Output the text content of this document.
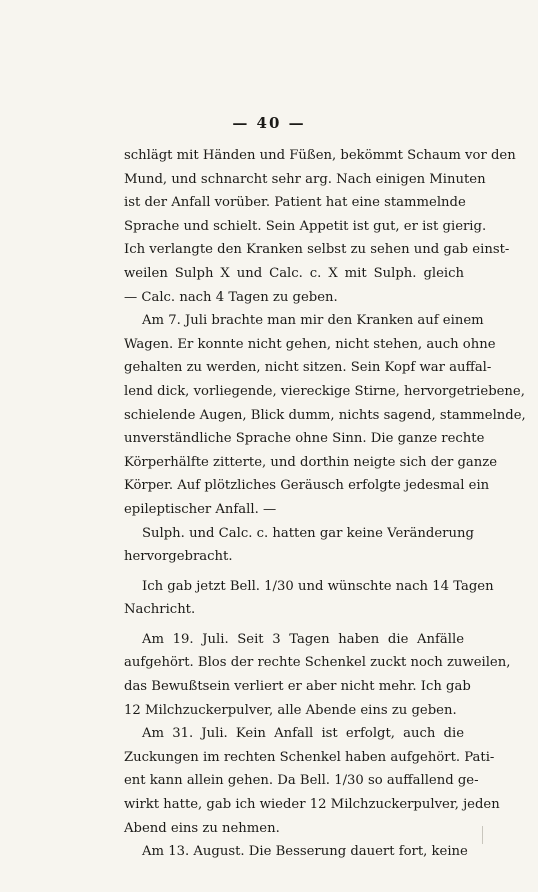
— 40 —
schlägt mit Händen und Füßen, bekömmt Schaum vor den
Mund, und schnarcht sehr arg. Nach einigen Minuten
ist der Anfall vorüber. Patient hat eine stammelnde
Sprache und schielt. Sein Appetit ist gut, er ist gierig.
Ich verlangte den Kranken selbst zu sehen und gab einst-
weilen Sulph X und Calc. c. X mit Sulph. gleich
— Calc. nach 4 Tagen zu geben.
Am 7. Juli brachte man mir den Kranken auf einem
Wagen. Er konnte nicht gehen, nicht stehen, auch ohne
gehalten zu werden, nicht sitzen. Sein Kopf war auffal-
lend dick, vorliegende, viereckige Stirne, hervorgetriebene,
schielende Augen, Blick dumm, nichts sagend, stammelnde,
unverständliche Sprache ohne Sinn. Die ganze rechte
Körperhälfte zitterte, und dorthin neigte sich der ganze
Körper. Auf plötzliches Geräusch erfolgte jedesmal ein
epileptischer Anfall. —
Sulph. und Calc. c. hatten gar keine Veränderung
hervorgebracht.
Ich gab jetzt Bell. 1/30 und wünschte nach 14 Tagen
Nachricht.
Am 19. Juli. Seit 3 Tagen haben die Anfälle
aufgehört. Blos der rechte Schenkel zuckt noch zuweilen,
das Bewußtsein verliert er aber nicht mehr. Ich gab
12 Milchzuckerpulver, alle Abende eins zu geben.
Am 31. Juli. Kein Anfall ist erfolgt, auch die
Zuckungen im rechten Schenkel haben aufgehört. Pati-
ent kann allein gehen. Da Bell. 1/30 so auffallend ge-
wirkt hatte, gab ich wieder 12 Milchzuckerpulver, jeden
Abend eins zu nehmen.
Am 13. August. Die Besserung dauert fort, keine
